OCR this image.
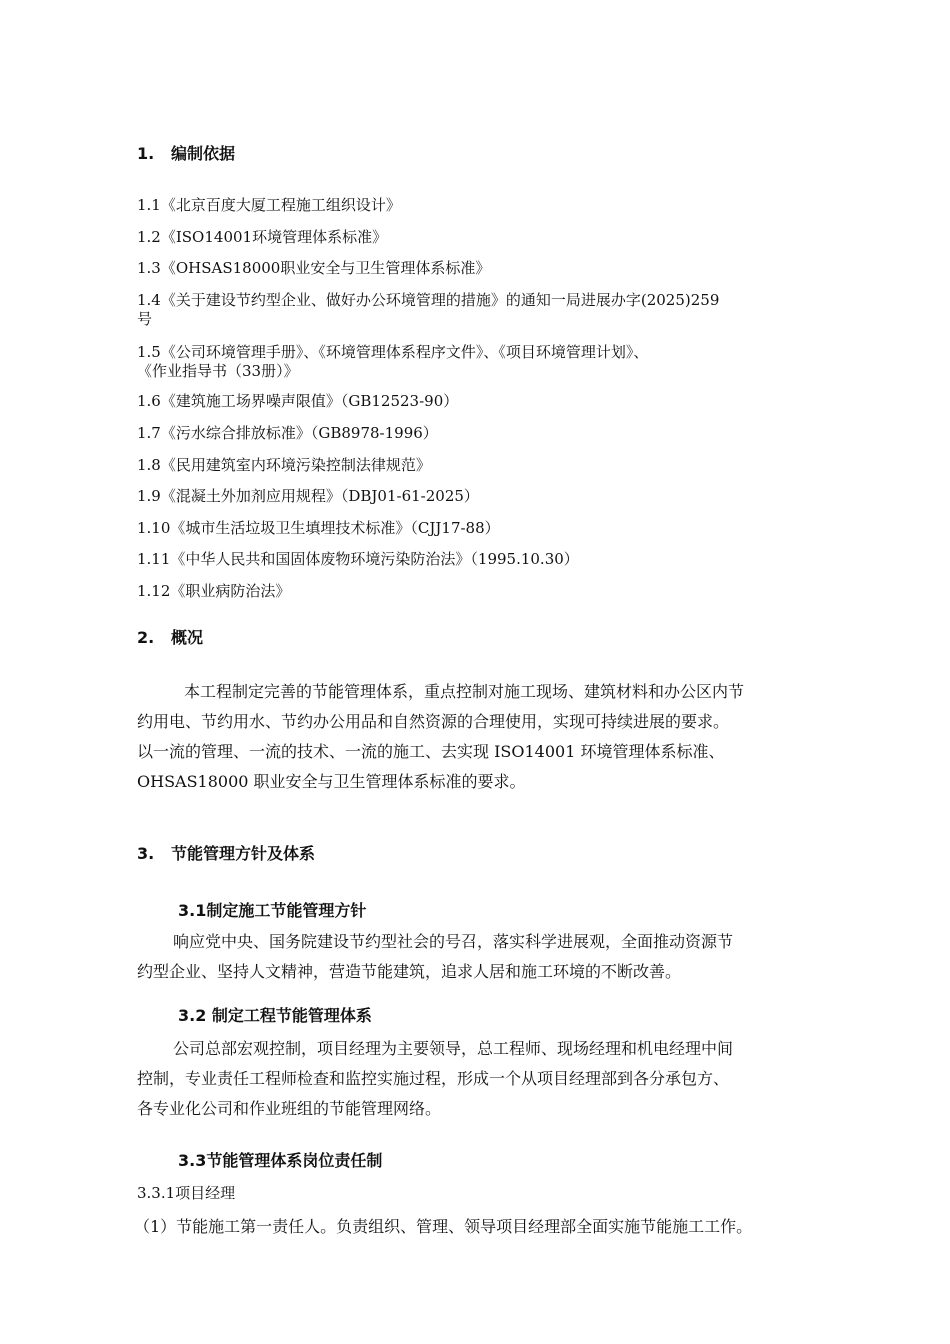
1. 编制依据
1.1《北京百度大厦工程施工组织设计》
1.2《ISO14001环境管理体系标准》
1.3《OHSAS18000职业安全与卫生管理体系标准》
1.4《关于建设节约型企业、做好办公环境管理的措施》的通知一局进展办字(2025)259
号
1.5《公司环境管理手册》、《环境管理体系程序文件》、《项目环境管理计划》、
《作业指导书（33册）》
1.6《建筑施工场界噪声限值》（GB12523-90）
1.7《污水综合排放标准》（GB8978-1996）
1.8《民用建筑室内环境污染控制法律规范》
1.9《混凝土外加剂应用规程》（DBJ01-61-2025）
1.10《城市生活垃圾卫生填埋技术标准》（CJJ17-88）
1.11《中华人民共和国固体废物环境污染防治法》（1995.10.30）
1.12《职业病防治法》
2. 概况
本工程制定完善的节能管理体系，重点控制对施工现场、建筑材料和办公区内节
约用电、节约用水、节约办公用品和自然资源的合理使用，实现可持续进展的要求。
以一流的管理、一流的技术、一流的施工、去实现 ISO14001 环境管理体系标准、
OHSAS18000 职业安全与卫生管理体系标准的要求。
3. 节能管理方针及体系
3.1制定施工节能管理方针
响应党中央、国务院建设节约型社会的号召，落实科学进展观，全面推动资源节
约型企业、坚持人文精神，营造节能建筑，追求人居和施工环境的不断改善。
3.2 制定工程节能管理体系
公司总部宏观控制，项目经理为主要领导，总工程师、现场经理和机电经理中间
控制，专业责任工程师检查和监控实施过程，形成一个从项目经理部到各分承包方、
各专业化公司和作业班组的节能管理网络。
3.3节能管理体系岗位责任制
3.3.1项目经理
（1）节能施工第一责任人。负责组织、管理、领导项目经理部全面实施节能施工工作。
